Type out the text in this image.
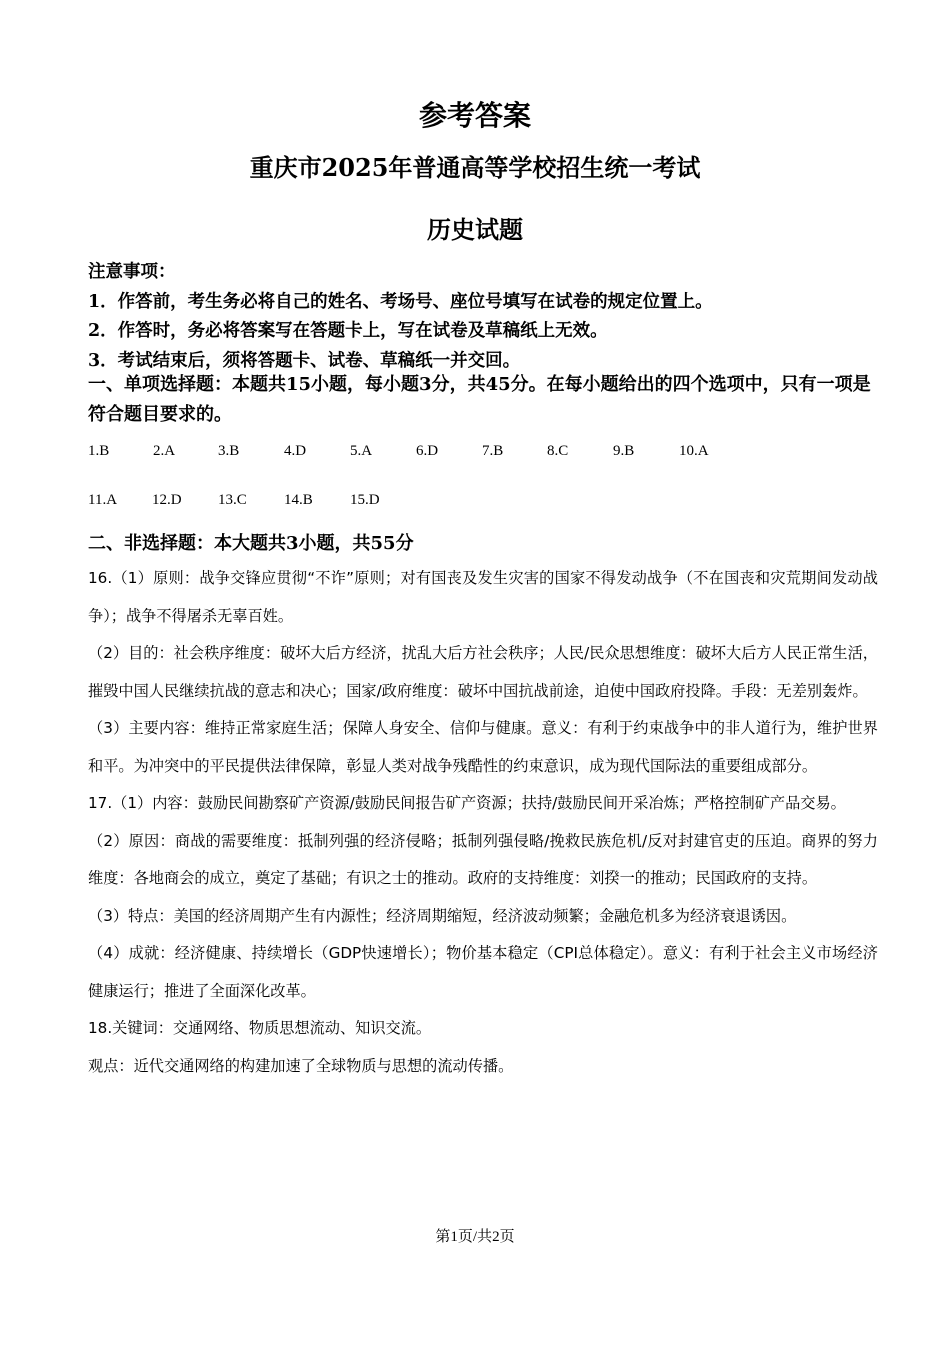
参考答案
重庆市2025年普通高等学校招生统一考试
历史试题
注意事项：
1．作答前，考生务必将自己的姓名、考场号、座位号填写在试卷的规定位置上。
2．作答时，务必将答案写在答题卡上，写在试卷及草稿纸上无效。
3．考试结束后，须将答题卡、试卷、草稿纸一并交回。
一、单项选择题：本题共15小题，每小题3分，共45分。在每小题给出的四个选项中，只有一项是符合题目要求的。
1.B	2.A	3.B	4.D	5.A	6.D	7.B	8.C	9.B	10.A
11.A 12.D 13.C 14.B 15.D
二、非选择题：本大题共3小题，共55分

16.（1）原则：战争交锋应贯彻“不诈”原则；对有国丧及发生灾害的国家不得发动战争（不在国丧和灾荒期间发动战争）；战争不得屠杀无辜百姓。

（2）目的：社会秩序维度：破坏大后方经济，扰乱大后方社会秩序；人民/民众思想维度：破坏大后方人民正常生活，摧毁中国人民继续抗战的意志和决心；国家/政府维度：破坏中国抗战前途，迫使中国政府投降。手段：无差别轰炸。

（3）主要内容：维持正常家庭生活；保障人身安全、信仰与健康。意义：有利于约束战争中的非人道行为，维护世界和平。为冲突中的平民提供法律保障，彰显人类对战争残酷性的约束意识，成为现代国际法的重要组成部分。

17.（1）内容：鼓励民间勘察矿产资源/鼓励民间报告矿产资源；扶持/鼓励民间开采冶炼；严格控制矿产品交易。

（2）原因：商战的需要维度：抵制列强的经济侵略；抵制列强侵略/挽救民族危机/反对封建官吏的压迫。商界的努力维度：各地商会的成立，奠定了基础；有识之士的推动。政府的支持维度：刘揆一的推动；民国政府的支持。

（3）特点：美国的经济周期产生有内源性；经济周期缩短，经济波动频繁；金融危机多为经济衰退诱因。

（4）成就：经济健康、持续增长（GDP快速增长）；物价基本稳定（CPI总体稳定）。意义：有利于社会主义市场经济健康运行；推进了全面深化改革。

18.关键词：交通网络、物质思想流动、知识交流。

观点：近代交通网络的构建加速了全球物质与思想的流动传播。

第1页/共2页
